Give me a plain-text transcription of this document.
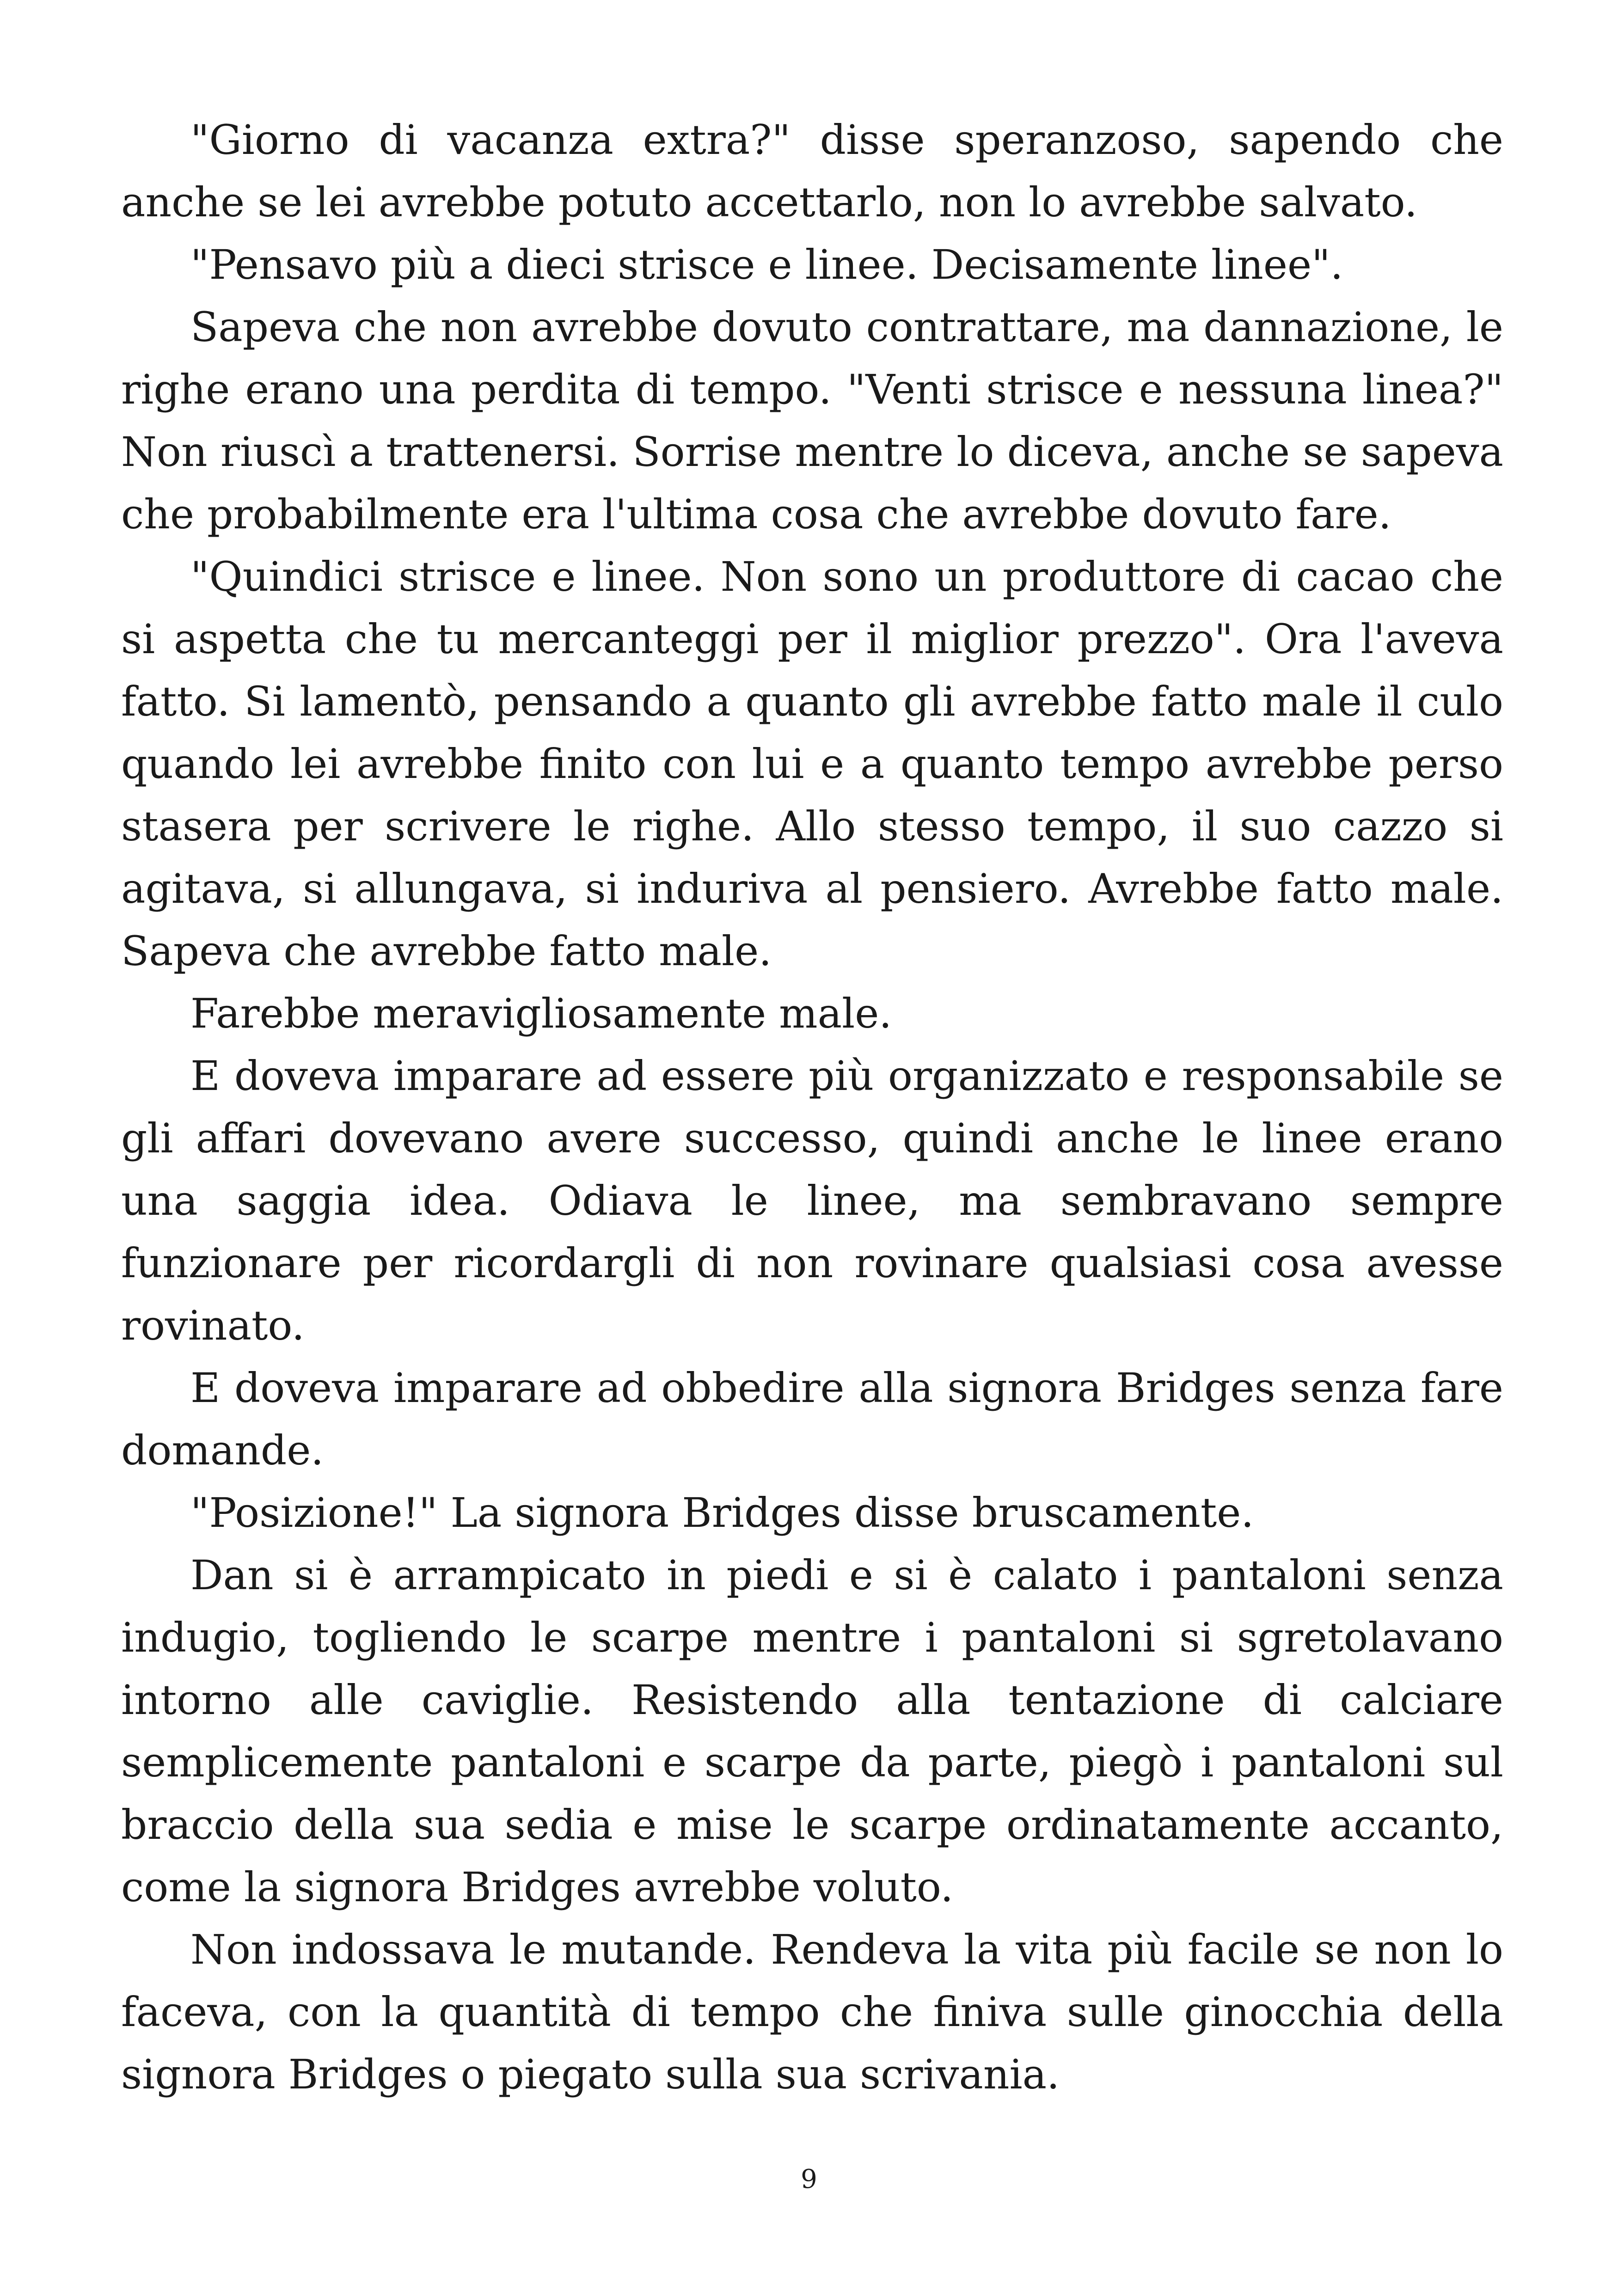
"Giorno di vacanza extra?" disse speranzoso, sapendo che anche se lei avrebbe potuto accettarlo, non lo avrebbe salvato.

"Pensavo più a dieci strisce e linee. Decisamente linee".

Sapeva che non avrebbe dovuto contrattare, ma dannazione, le righe erano una perdita di tempo. "Venti strisce e nessuna linea?" Non riuscì a trattenersi. Sorrise mentre lo diceva, anche se sapeva che probabilmente era l'ultima cosa che avrebbe dovuto fare.

"Quindici strisce e linee. Non sono un produttore di cacao che si aspetta che tu mercanteggi per il miglior prezzo". Ora l'aveva fatto. Si lamentò, pensando a quanto gli avrebbe fatto male il culo quando lei avrebbe finito con lui e a quanto tempo avrebbe perso stasera per scrivere le righe. Allo stesso tempo, il suo cazzo si agitava, si allungava, si induriva al pensiero. Avrebbe fatto male. Sapeva che avrebbe fatto male.

Farebbe meravigliosamente male.

E doveva imparare ad essere più organizzato e responsabile se gli affari dovevano avere successo, quindi anche le linee erano una saggia idea. Odiava le linee, ma sembravano sempre funzionare per ricordargli di non rovinare qualsiasi cosa avesse rovinato.

E doveva imparare ad obbedire alla signora Bridges senza fare domande.

"Posizione!" La signora Bridges disse bruscamente.

Dan si è arrampicato in piedi e si è calato i pantaloni senza indugio, togliendo le scarpe mentre i pantaloni si sgretolavano intorno alle caviglie. Resistendo alla tentazione di calciare semplicemente pantaloni e scarpe da parte, piegò i pantaloni sul braccio della sua sedia e mise le scarpe ordinatamente accanto, come la signora Bridges avrebbe voluto.

Non indossava le mutande. Rendeva la vita più facile se non lo faceva, con la quantità di tempo che finiva sulle ginocchia della signora Bridges o piegato sulla sua scrivania.

9
